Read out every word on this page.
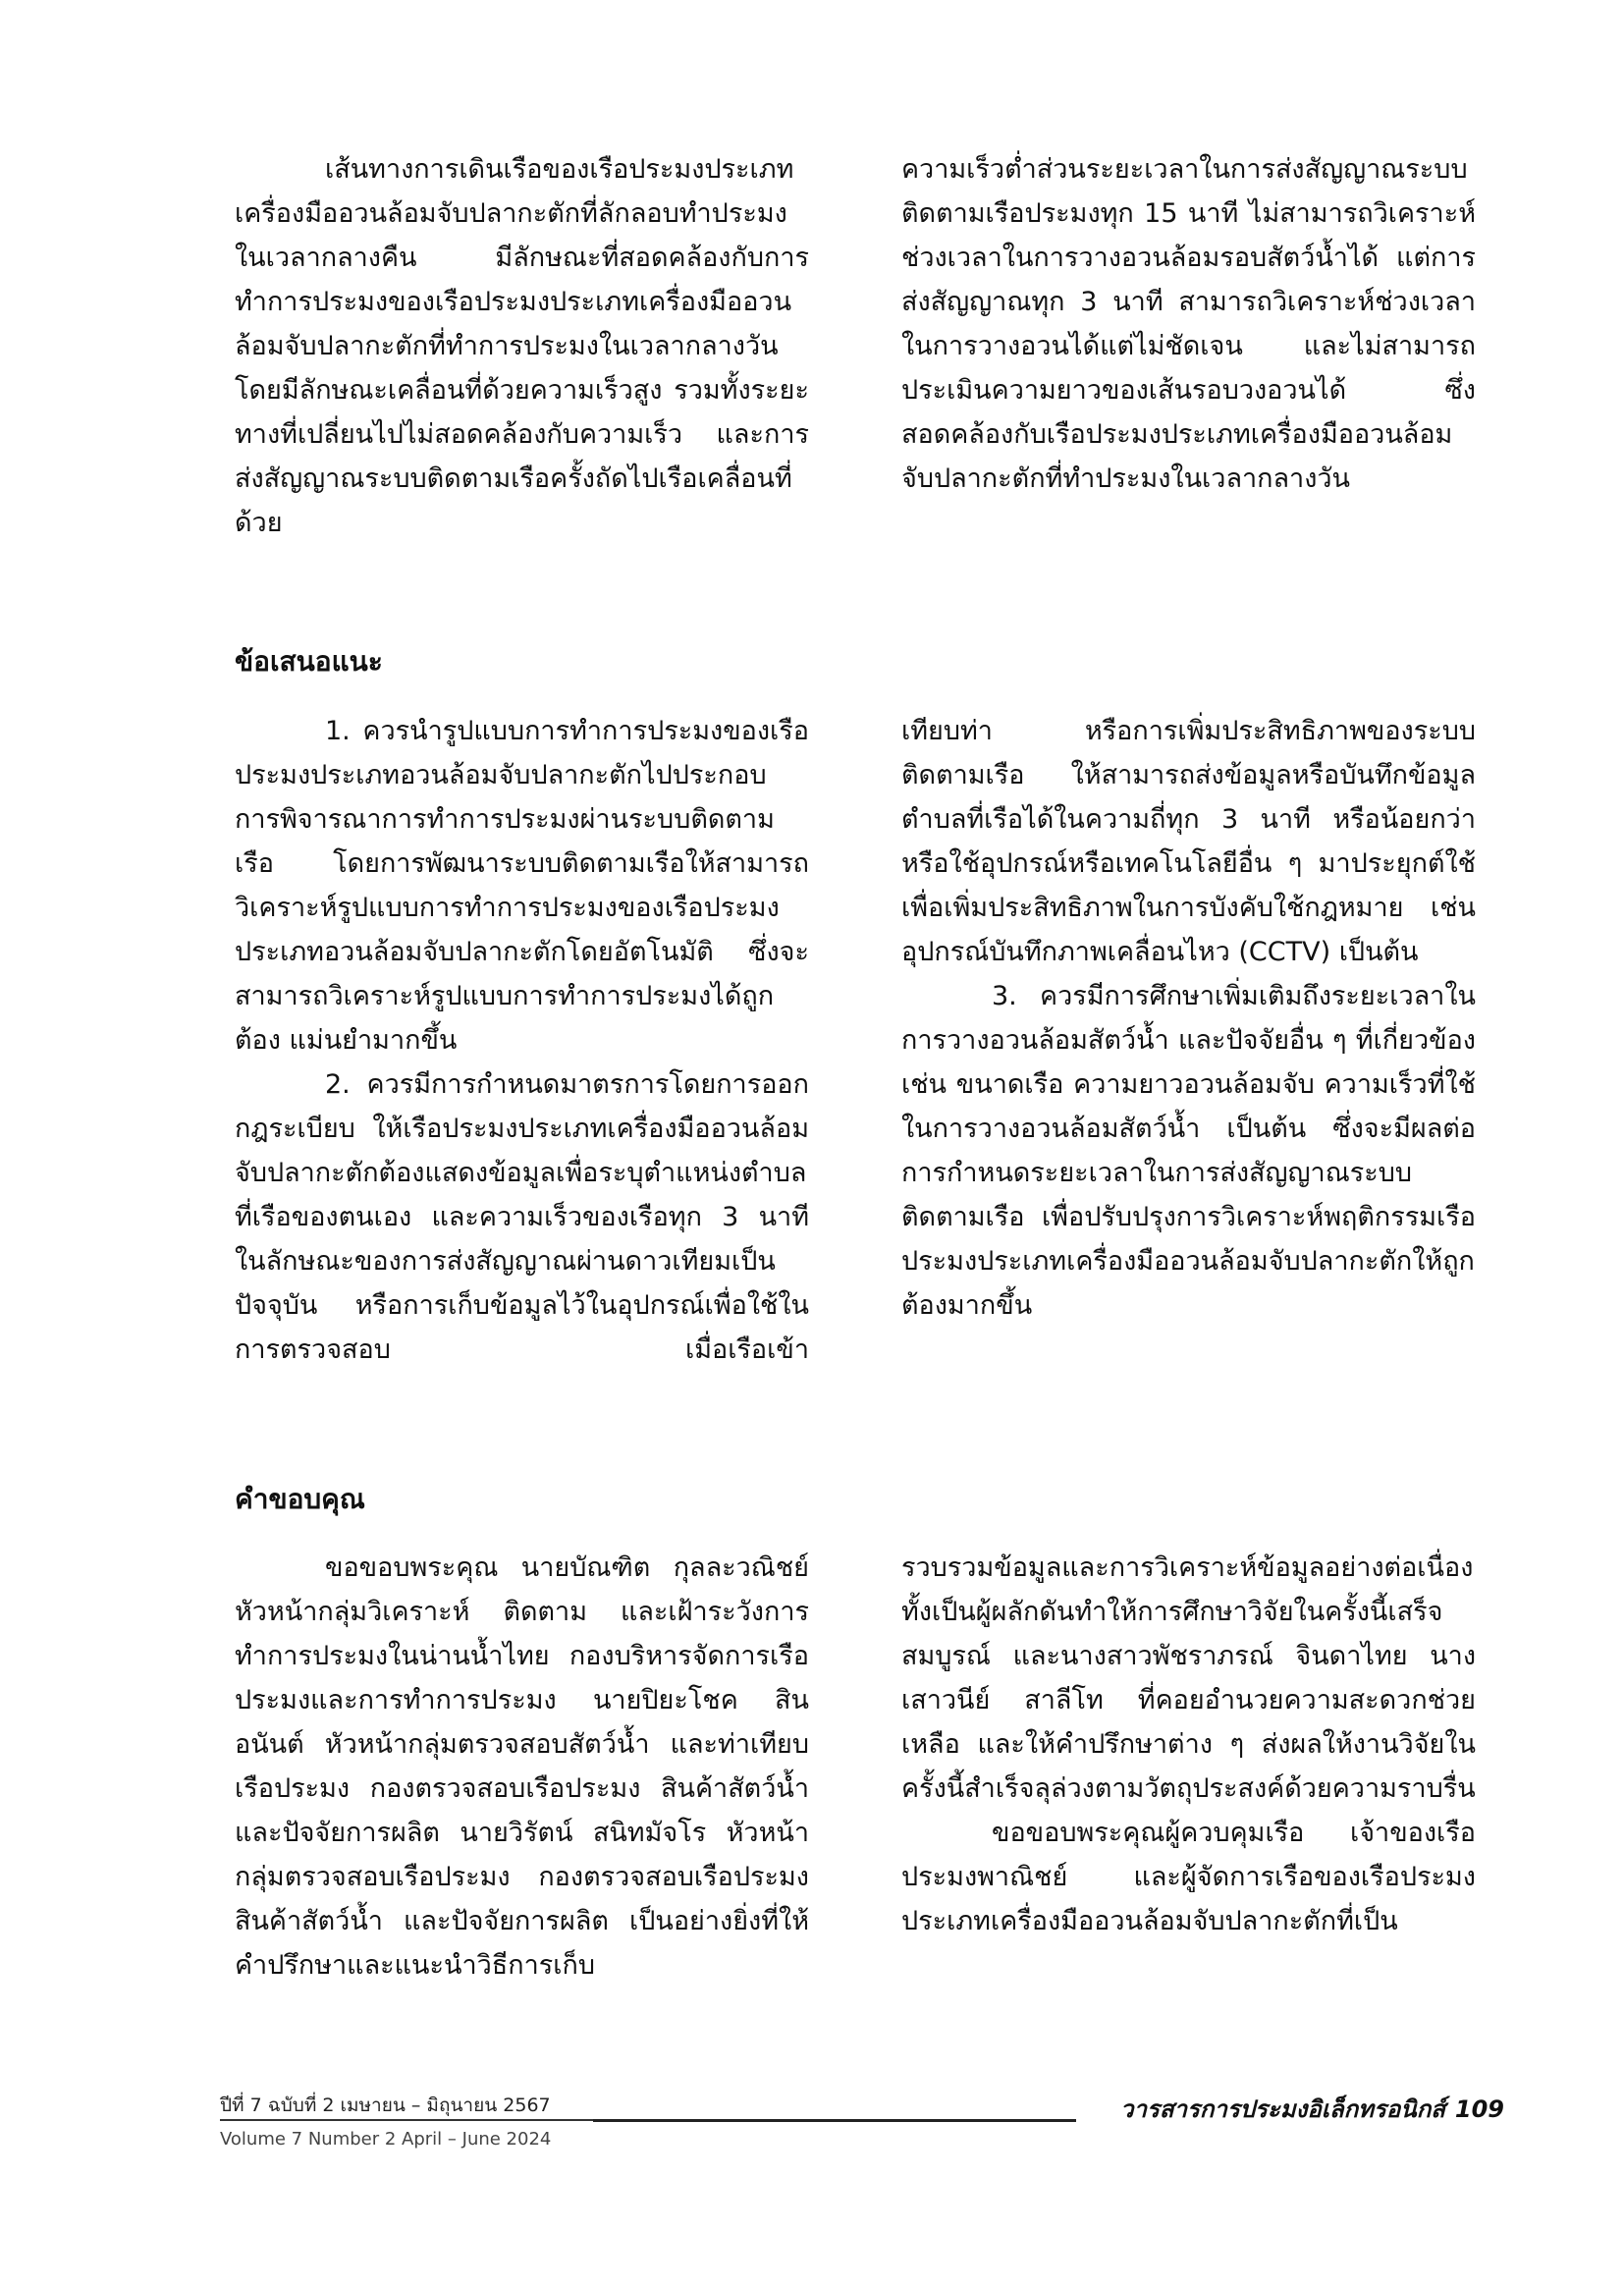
เส้นทางการเดินเรือของเรือประมงประเภทเครื่องมืออวนล้อมจับปลากะตักที่ลักลอบทำประมงในเวลากลางคืน มีลักษณะที่สอดคล้องกับการทำการประมงของเรือประมงประเภทเครื่องมืออวนล้อมจับปลากะตักที่ทำการประมงในเวลากลางวัน โดยมีลักษณะเคลื่อนที่ด้วยความเร็วสูง รวมทั้งระยะทางที่เปลี่ยนไปไม่สอดคล้องกับความเร็ว และการส่งสัญญาณระบบติดตามเรือครั้งถัดไปเรือเคลื่อนที่ด้วย

ความเร็วต่ำส่วนระยะเวลาในการส่งสัญญาณระบบติดตามเรือประมงทุก 15 นาที ไม่สามารถวิเคราะห์ช่วงเวลาในการวางอวนล้อมรอบสัตว์น้ำได้ แต่การส่งสัญญาณทุก 3 นาที สามารถวิเคราะห์ช่วงเวลาในการวางอวนได้แต่ไม่ชัดเจน และไม่สามารถประเมินความยาวของเส้นรอบวงอวนได้ ซึ่งสอดคล้องกับเรือประมงประเภทเครื่องมืออวนล้อมจับปลากะตักที่ทำประมงในเวลากลางวัน

ข้อเสนอแนะ

1. ควรนำรูปแบบการทำการประมงของเรือประมงประเภทอวนล้อมจับปลากะตักไปประกอบการพิจารณาการทำการประมงผ่านระบบติดตามเรือ โดยการพัฒนาระบบติดตามเรือให้สามารถวิเคราะห์รูปแบบการทำการประมงของเรือประมงประเภทอวนล้อมจับปลากะตักโดยอัตโนมัติ ซึ่งจะสามารถวิเคราะห์รูปแบบการทำการประมงได้ถูกต้อง แม่นยำมากขึ้น

2. ควรมีการกำหนดมาตรการโดยการออกกฎระเบียบ ให้เรือประมงประเภทเครื่องมืออวนล้อมจับปลากะตักต้องแสดงข้อมูลเพื่อระบุตำแหน่งตำบลที่เรือของตนเอง และความเร็วของเรือทุก 3 นาที ในลักษณะของการส่งสัญญาณผ่านดาวเทียมเป็นปัจจุบัน หรือการเก็บข้อมูลไว้ในอุปกรณ์เพื่อใช้ในการตรวจสอบ เมื่อเรือเข้า

เทียบท่า หรือการเพิ่มประสิทธิภาพของระบบติดตามเรือ ให้สามารถส่งข้อมูลหรือบันทึกข้อมูลตำบลที่เรือได้ในความถี่ทุก 3 นาที หรือน้อยกว่าหรือใช้อุปกรณ์หรือเทคโนโลยีอื่น ๆ มาประยุกต์ใช้เพื่อเพิ่มประสิทธิภาพในการบังคับใช้กฎหมาย เช่น อุปกรณ์บันทึกภาพเคลื่อนไหว (CCTV) เป็นต้น

3. ควรมีการศึกษาเพิ่มเติมถึงระยะเวลาในการวางอวนล้อมสัตว์น้ำ และปัจจัยอื่น ๆ ที่เกี่ยวข้อง เช่น ขนาดเรือ ความยาวอวนล้อมจับ ความเร็วที่ใช้ในการวางอวนล้อมสัตว์น้ำ เป็นต้น ซึ่งจะมีผลต่อการกำหนดระยะเวลาในการส่งสัญญาณระบบติดตามเรือ เพื่อปรับปรุงการวิเคราะห์พฤติกรรมเรือประมงประเภทเครื่องมืออวนล้อมจับปลากะตักให้ถูกต้องมากขึ้น

คำขอบคุณ

ขอขอบพระคุณ นายบัณฑิต กุลละวณิชย์ หัวหน้ากลุ่มวิเคราะห์ ติดตาม และเฝ้าระวังการทำการประมงในน่านน้ำไทย กองบริหารจัดการเรือประมงและการทำการประมง นายปิยะโชค สินอนันต์ หัวหน้ากลุ่มตรวจสอบสัตว์น้ำ และท่าเทียบเรือประมง กองตรวจสอบเรือประมง สินค้าสัตว์น้ำและปัจจัยการผลิต นายวิรัตน์ สนิทมัจโร หัวหน้ากลุ่มตรวจสอบเรือประมง กองตรวจสอบเรือประมง สินค้าสัตว์น้ำ และปัจจัยการผลิต เป็นอย่างยิ่งที่ให้คำปรึกษาและแนะนำวิธีการเก็บ

รวบรวมข้อมูลและการวิเคราะห์ข้อมูลอย่างต่อเนื่อง ทั้งเป็นผู้ผลักดันทำให้การศึกษาวิจัยในครั้งนี้เสร็จสมบูรณ์ และนางสาวพัชราภรณ์ จินดาไทย นางเสาวนีย์ สาลีโท ที่คอยอำนวยความสะดวกช่วยเหลือ และให้คำปรึกษาต่าง ๆ ส่งผลให้งานวิจัยในครั้งนี้สำเร็จลุล่วงตามวัตถุประสงค์ด้วยความราบรื่น

ขอขอบพระคุณผู้ควบคุมเรือ เจ้าของเรือประมงพาณิชย์ และผู้จัดการเรือของเรือประมงประเภทเครื่องมืออวนล้อมจับปลากะตักที่เป็น

ปีที่ 7 ฉบับที่ 2 เมษายน – มิถุนายน 2567
Volume 7 Number 2 April – June 2024
วารสารการประมงอิเล็กทรอนิกส์ 109
